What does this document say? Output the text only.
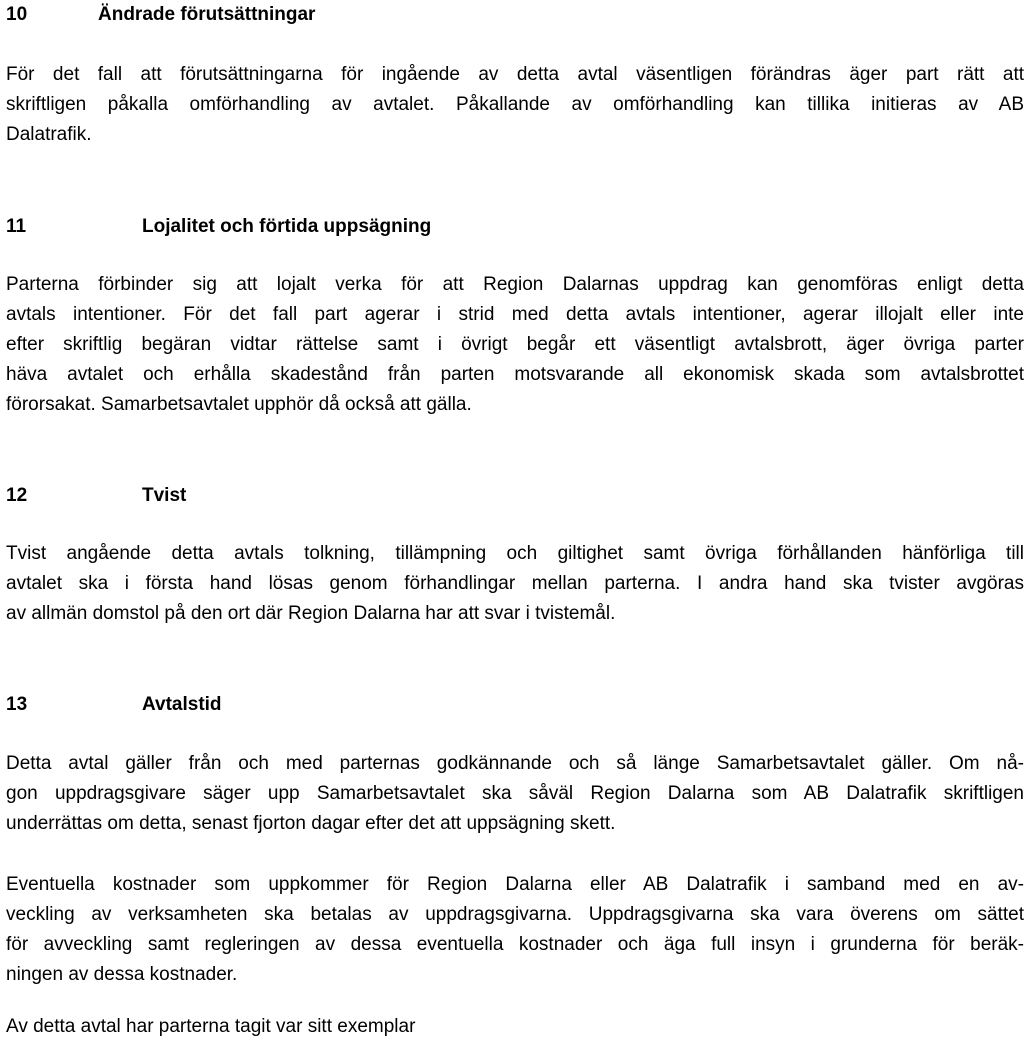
10	Ändrade förutsättningar
För det fall att förutsättningarna för ingående av detta avtal väsentligen förändras äger part rätt att
skriftligen påkalla omförhandling av avtalet. Påkallande av omförhandling kan tillika initieras av AB
Dalatrafik.
11	Lojalitet och förtida uppsägning
Parterna förbinder sig att lojalt verka för att Region Dalarnas uppdrag kan genomföras enligt detta
avtals intentioner. För det fall part agerar i strid med detta avtals intentioner, agerar illojalt eller inte
efter skriftlig begäran vidtar rättelse samt i övrigt begår ett väsentligt avtalsbrott, äger övriga parter
häva avtalet och erhålla skadestånd från parten motsvarande all ekonomisk skada som avtalsbrottet
förorsakat. Samarbetsavtalet upphör då också att gälla.
12	Tvist
Tvist angående detta avtals tolkning, tillämpning och giltighet samt övriga förhållanden hänförliga till
avtalet ska i första hand lösas genom förhandlingar mellan parterna. I andra hand ska tvister avgöras
av allmän domstol på den ort där Region Dalarna har att svar i tvistemål.
13	Avtalstid
Detta avtal gäller från och med parternas godkännande och så länge Samarbetsavtalet gäller. Om nå-
gon uppdragsgivare säger upp Samarbetsavtalet ska såväl Region Dalarna som AB Dalatrafik skriftligen
underrättas om detta, senast fjorton dagar efter det att uppsägning skett.
Eventuella kostnader som uppkommer för Region Dalarna eller AB Dalatrafik i samband med en av-
veckling av verksamheten ska betalas av uppdragsgivarna. Uppdragsgivarna ska vara överens om sättet
för avveckling samt regleringen av dessa eventuella kostnader och äga full insyn i grunderna för beräk-
ningen av dessa kostnader.
Av detta avtal har parterna tagit var sitt exemplar
